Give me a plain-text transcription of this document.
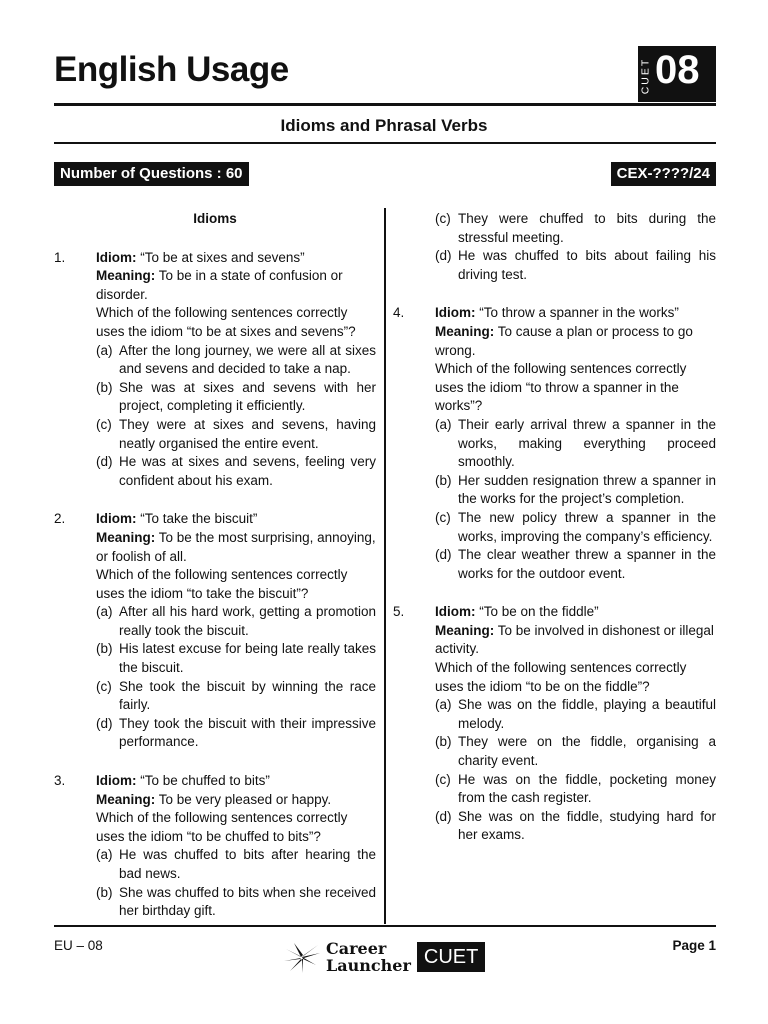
English Usage	CUET 08
Idioms and Phrasal Verbs
Number of Questions : 60	CEX-????/24
Idioms
1.	Idiom: “To be at sixes and sevens”
Meaning: To be in a state of confusion or disorder.
Which of the following sentences correctly uses the idiom “to be at sixes and sevens”?
(a) After the long journey, we were all at sixes and sevens and decided to take a nap.
(b) She was at sixes and sevens with her project, completing it efficiently.
(c) They were at sixes and sevens, having neatly organised the entire event.
(d) He was at sixes and sevens, feeling very confident about his exam.
2.	Idiom: “To take the biscuit”
Meaning: To be the most surprising, annoying, or foolish of all.
Which of the following sentences correctly uses the idiom “to take the biscuit”?
(a) After all his hard work, getting a promotion really took the biscuit.
(b) His latest excuse for being late really takes the biscuit.
(c) She took the biscuit by winning the race fairly.
(d) They took the biscuit with their impressive performance.
3.	Idiom: “To be chuffed to bits”
Meaning: To be very pleased or happy.
Which of the following sentences correctly uses the idiom “to be chuffed to bits”?
(a) He was chuffed to bits after hearing the bad news.
(b) She was chuffed to bits when she received her birthday gift.
(c) They were chuffed to bits during the stressful meeting.
(d) He was chuffed to bits about failing his driving test.
4.	Idiom: “To throw a spanner in the works”
Meaning: To cause a plan or process to go wrong.
Which of the following sentences correctly uses the idiom “to throw a spanner in the works”?
(a) Their early arrival threw a spanner in the works, making everything proceed smoothly.
(b) Her sudden resignation threw a spanner in the works for the project’s completion.
(c) The new policy threw a spanner in the works, improving the company’s efficiency.
(d) The clear weather threw a spanner in the works for the outdoor event.
5.	Idiom: “To be on the fiddle”
Meaning: To be involved in dishonest or illegal activity.
Which of the following sentences correctly uses the idiom “to be on the fiddle”?
(a) She was on the fiddle, playing a beautiful melody.
(b) They were on the fiddle, organising a charity event.
(c) He was on the fiddle, pocketing money from the cash register.
(d) She was on the fiddle, studying hard for her exams.
EU – 08	Career
Launcher CUET
Page 1
